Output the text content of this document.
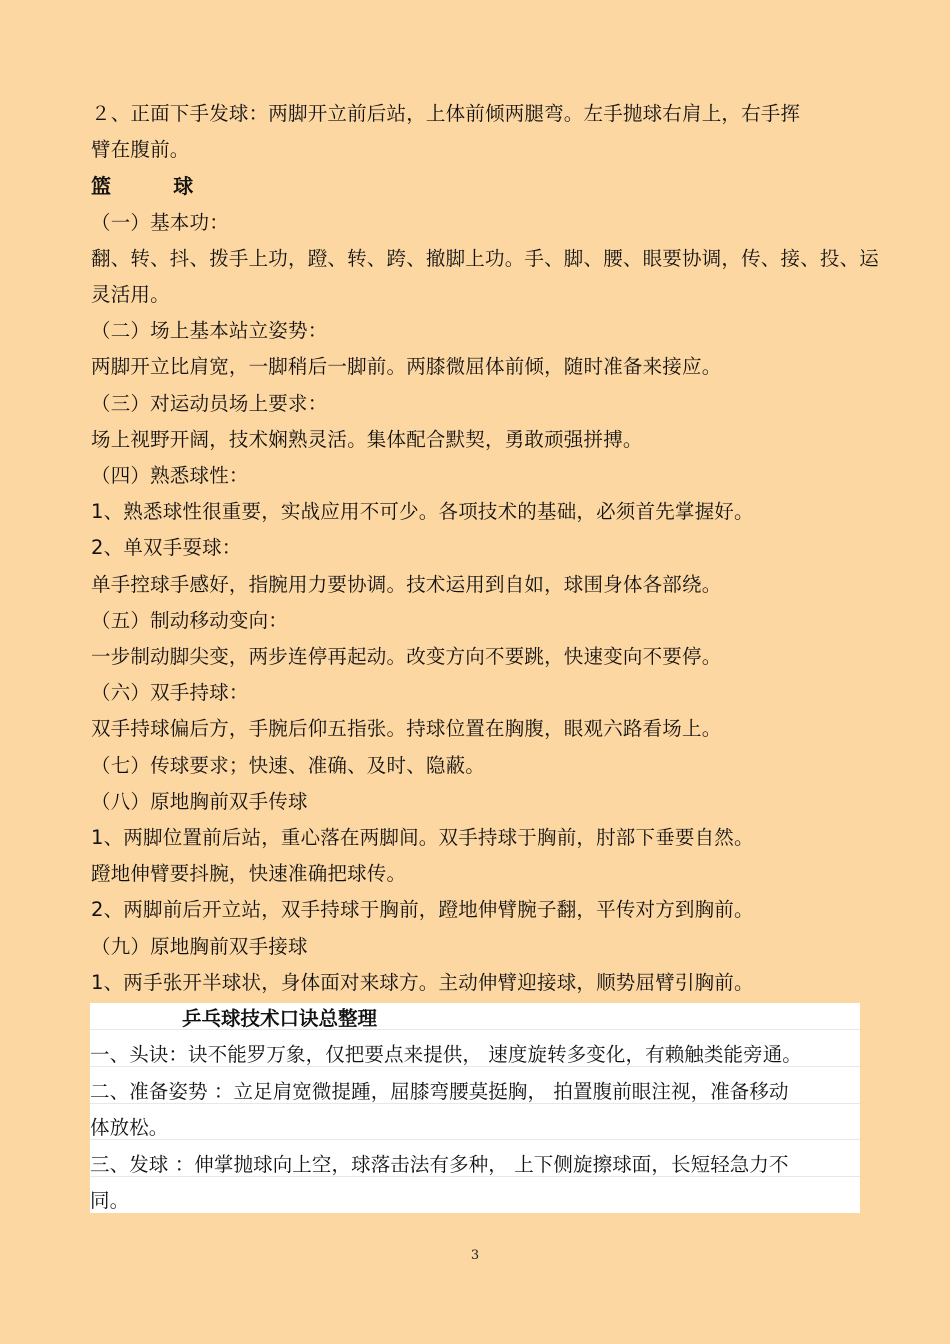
２、正面下手发球：两脚开立前后站，上体前倾两腿弯。左手抛球右肩上，右手挥
臂在腹前。
篮	球
（一）基本功：
翻、转、抖、拨手上功，蹬、转、跨、撤脚上功。手、脚、腰、眼要协调，传、接、投、运
灵活用。
（二）场上基本站立姿势：
两脚开立比肩宽，一脚稍后一脚前。两膝微屈体前倾，随时准备来接应。
（三）对运动员场上要求：
场上视野开阔，技术娴熟灵活。集体配合默契，勇敢顽强拼搏。
（四）熟悉球性：
1、熟悉球性很重要，实战应用不可少。各项技术的基础，必须首先掌握好。
2、单双手耍球：
单手控球手感好，指腕用力要协调。技术运用到自如，球围身体各部绕。
（五）制动移动变向：
一步制动脚尖变，两步连停再起动。改变方向不要跳，快速变向不要停。
（六）双手持球：
双手持球偏后方，手腕后仰五指张。持球位置在胸腹，眼观六路看场上。
（七）传球要求；快速、准确、及时、隐蔽。
（八）原地胸前双手传球
1、两脚位置前后站，重心落在两脚间。双手持球于胸前，肘部下垂要自然。
蹬地伸臂要抖腕，快速准确把球传。
2、两脚前后开立站，双手持球于胸前，蹬地伸臂腕子翻，平传对方到胸前。
（九）原地胸前双手接球
1、两手张开半球状，身体面对来球方。主动伸臂迎接球，顺势屈臂引胸前。
乒乓球技术口诀总整理
一、头诀：诀不能罗万象，仅把要点来提供， 速度旋转多变化，有赖触类能旁通。
二、准备姿势 ：立足肩宽微提踵，屈膝弯腰莫挺胸， 拍置腹前眼注视，准备移动
体放松。
三、发球 ：伸掌抛球向上空，球落击法有多种， 上下侧旋擦球面，长短轻急力不
同。
3
